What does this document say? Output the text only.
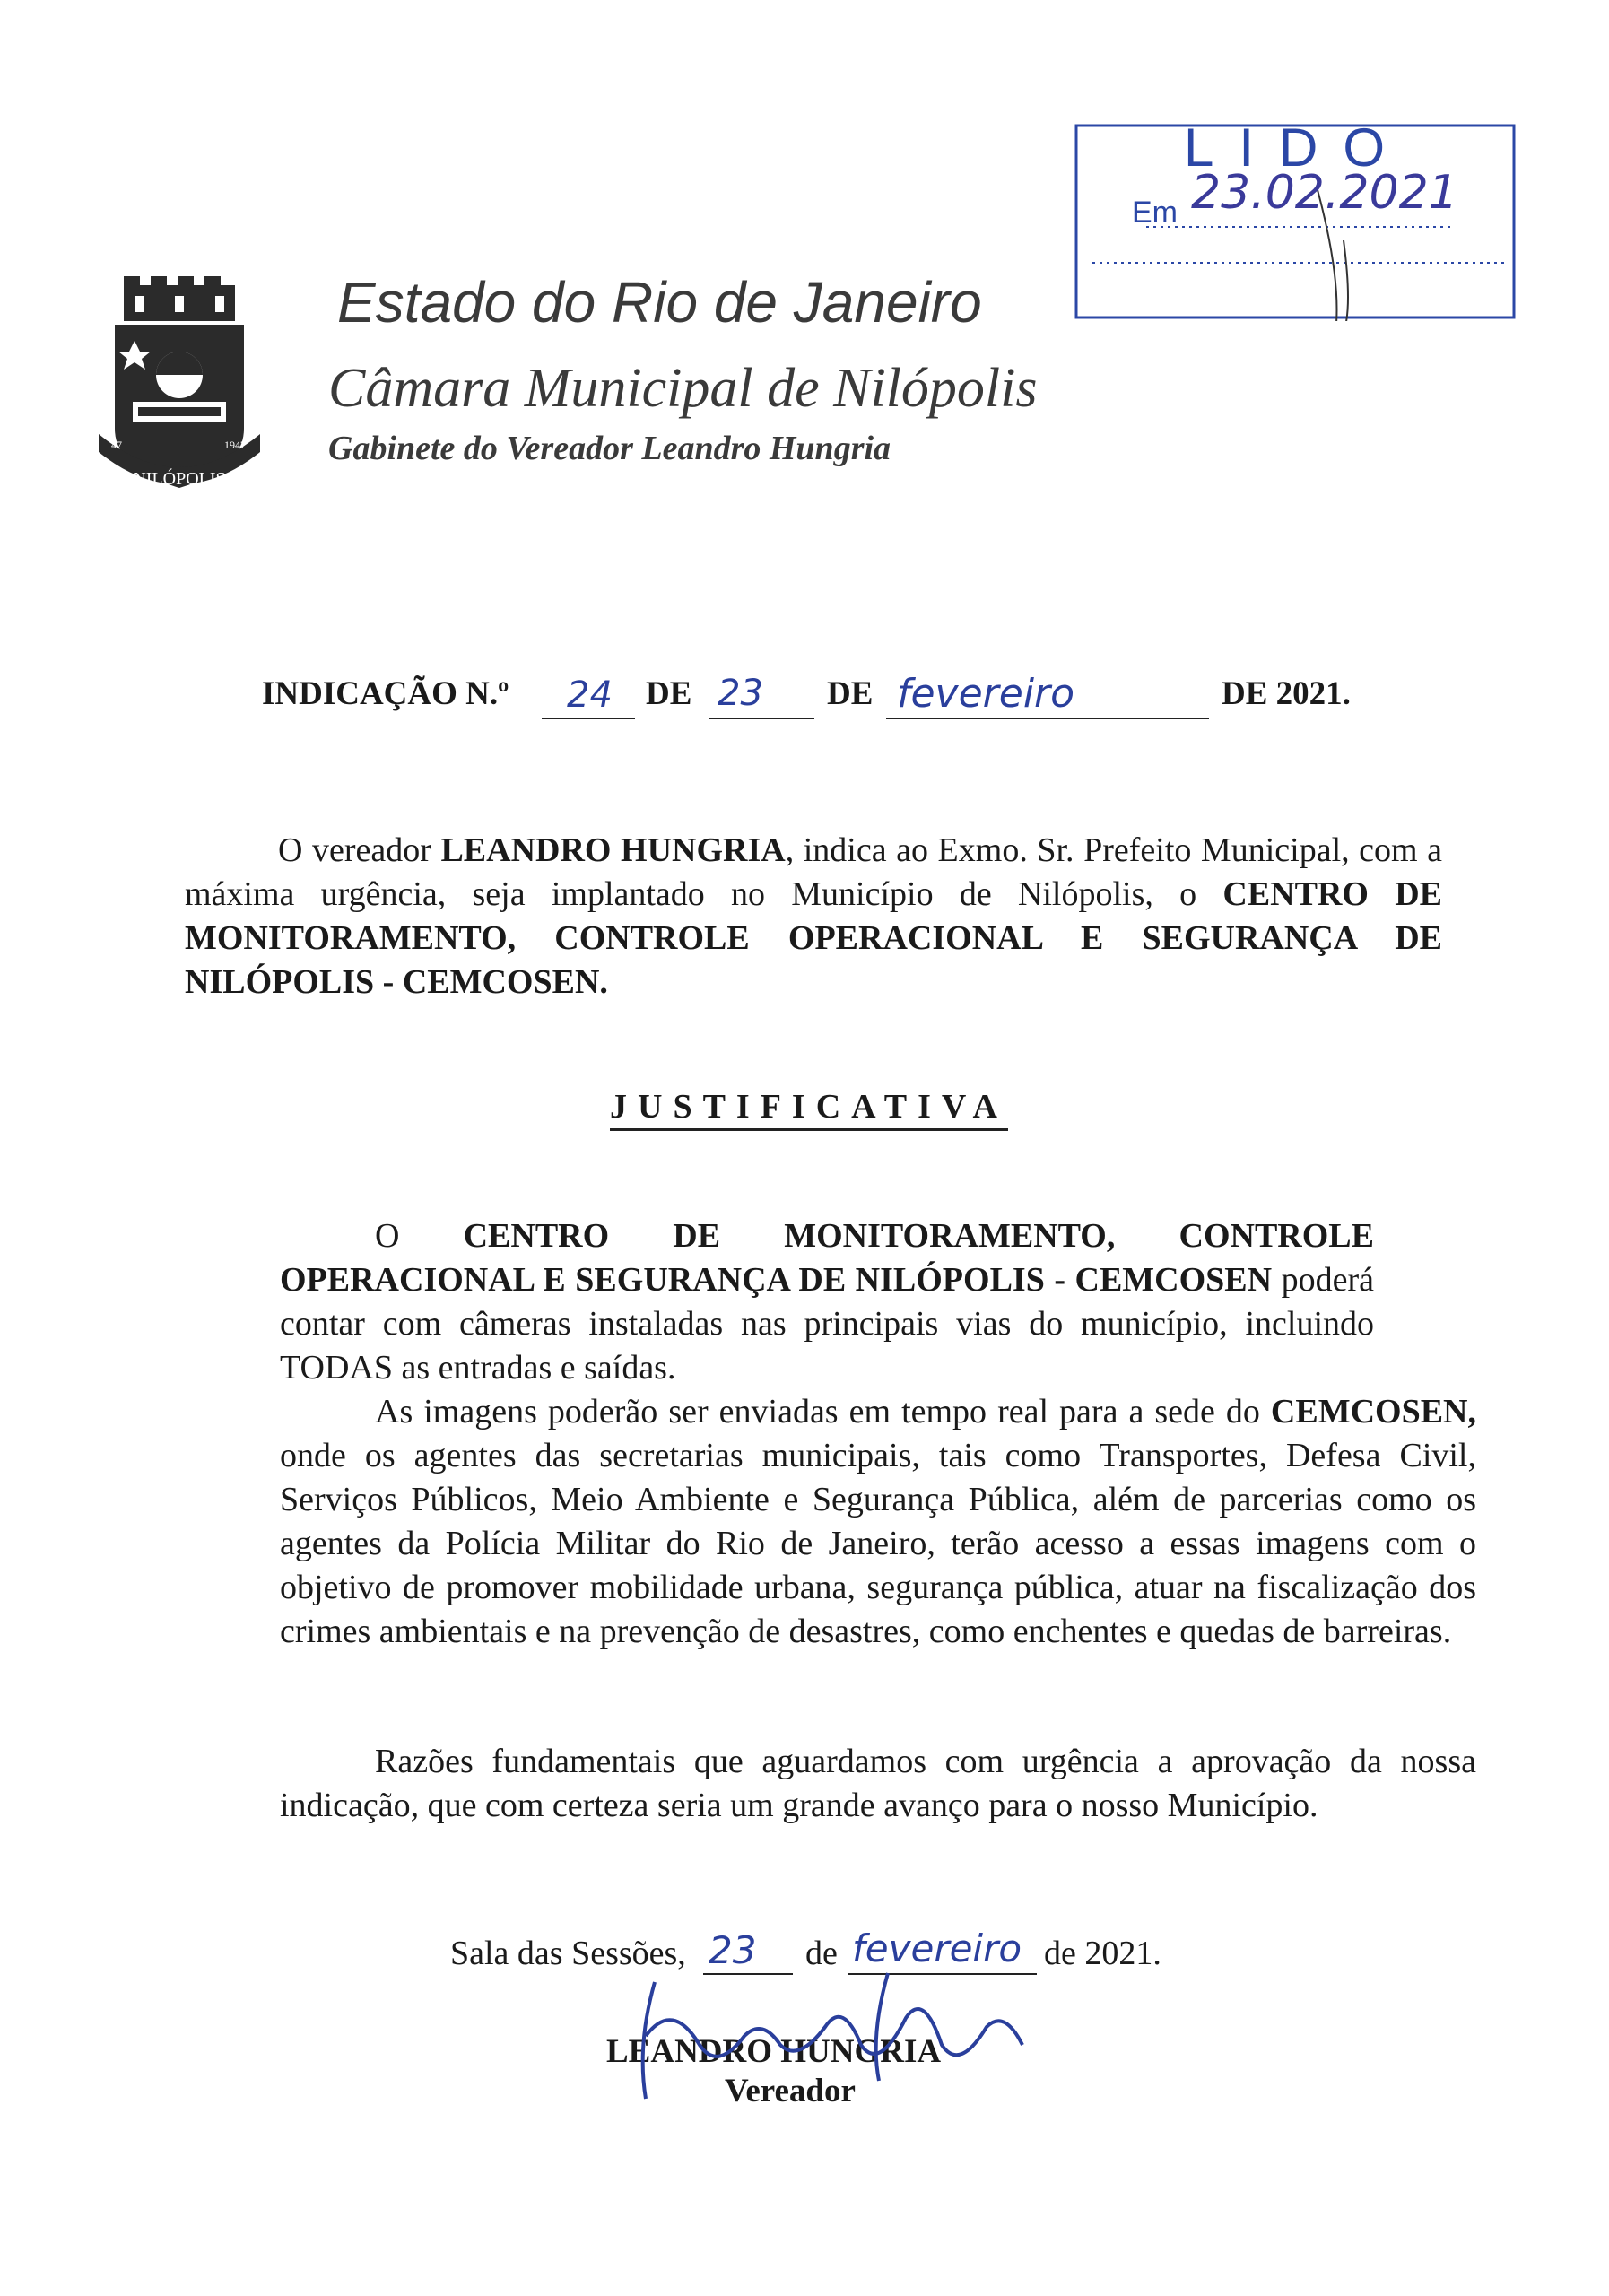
NILÓPOLIS
47	1947
Estado do Rio de Janeiro
Câmara Municipal de Nilópolis
Gabinete do Vereador Leandro Hungria
LIDO
Em 23.02.2021
INDICAÇÃO N.º 24 DE 23 DE fevereiro	DE 2021.
O vereador LEANDRO HUNGRIA, indica ao Exmo. Sr. Prefeito Municipal, com a máxima urgência, seja implantado no Município de Nilópolis, o CENTRO DE MONITORAMENTO, CONTROLE OPERACIONAL E SEGURANÇA DE NILÓPOLIS - CEMCOSEN.
JUSTIFICATIVA
O CENTRO DE MONITORAMENTO, CONTROLE OPERACIONAL E SEGURANÇA DE NILÓPOLIS - CEMCOSEN poderá contar com câmeras instaladas nas principais vias do município, incluindo TODAS as entradas e saídas.
As imagens poderão ser enviadas em tempo real para a sede do CEMCOSEN, onde os agentes das secretarias municipais, tais como Transportes, Defesa Civil, Serviços Públicos, Meio Ambiente e Segurança Pública, além de parcerias como os agentes da Polícia Militar do Rio de Janeiro, terão acesso a essas imagens com o objetivo de promover mobilidade urbana, segurança pública, atuar na fiscalização dos crimes ambientais e na prevenção de desastres, como enchentes e quedas de barreiras.
Razões fundamentais que aguardamos com urgência a aprovação da nossa indicação, que com certeza seria um grande avanço para o nosso Município.
Sala das Sessões, 23 de fevereiro de 2021.
LEANDRO HUNGRIA
Vereador
